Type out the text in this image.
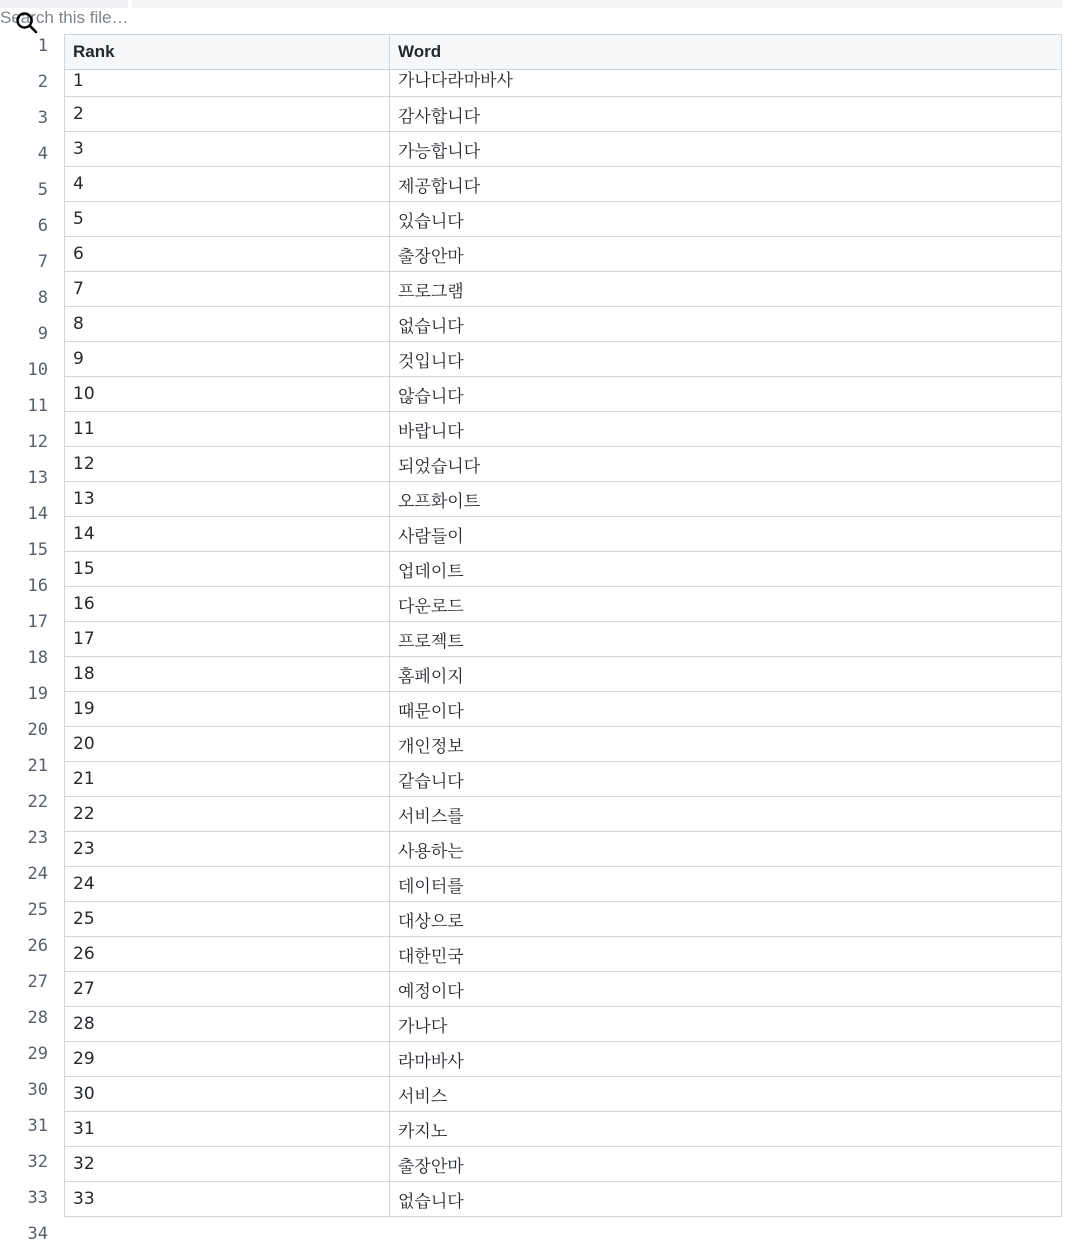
Search this file…
1
2
3
4
5
6
7
8
9
10
11
12
13
14
15
16
17
18
19
20
21
22
23
24
25
26
27
28
29
30
31
32
33
34
Rank	Word
1	가나다라마바사
2	감사합니다
3	가능합니다
4	제공합니다
5	있습니다
6	출장안마
7	프로그램
8	없습니다
9	것입니다
10	않습니다
11	바랍니다
12	되었습니다
13	오프화이트
14	사람들이
15	업데이트
16	다운로드
17	프로젝트
18	홈페이지
19	때문이다
20	개인정보
21	같습니다
22	서비스를
23	사용하는
24	데이터를
25	대상으로
26	대한민국
27	예정이다
28	가나다
29	라마바사
30	서비스
31	카지노
32	출장안마
33	없습니다
